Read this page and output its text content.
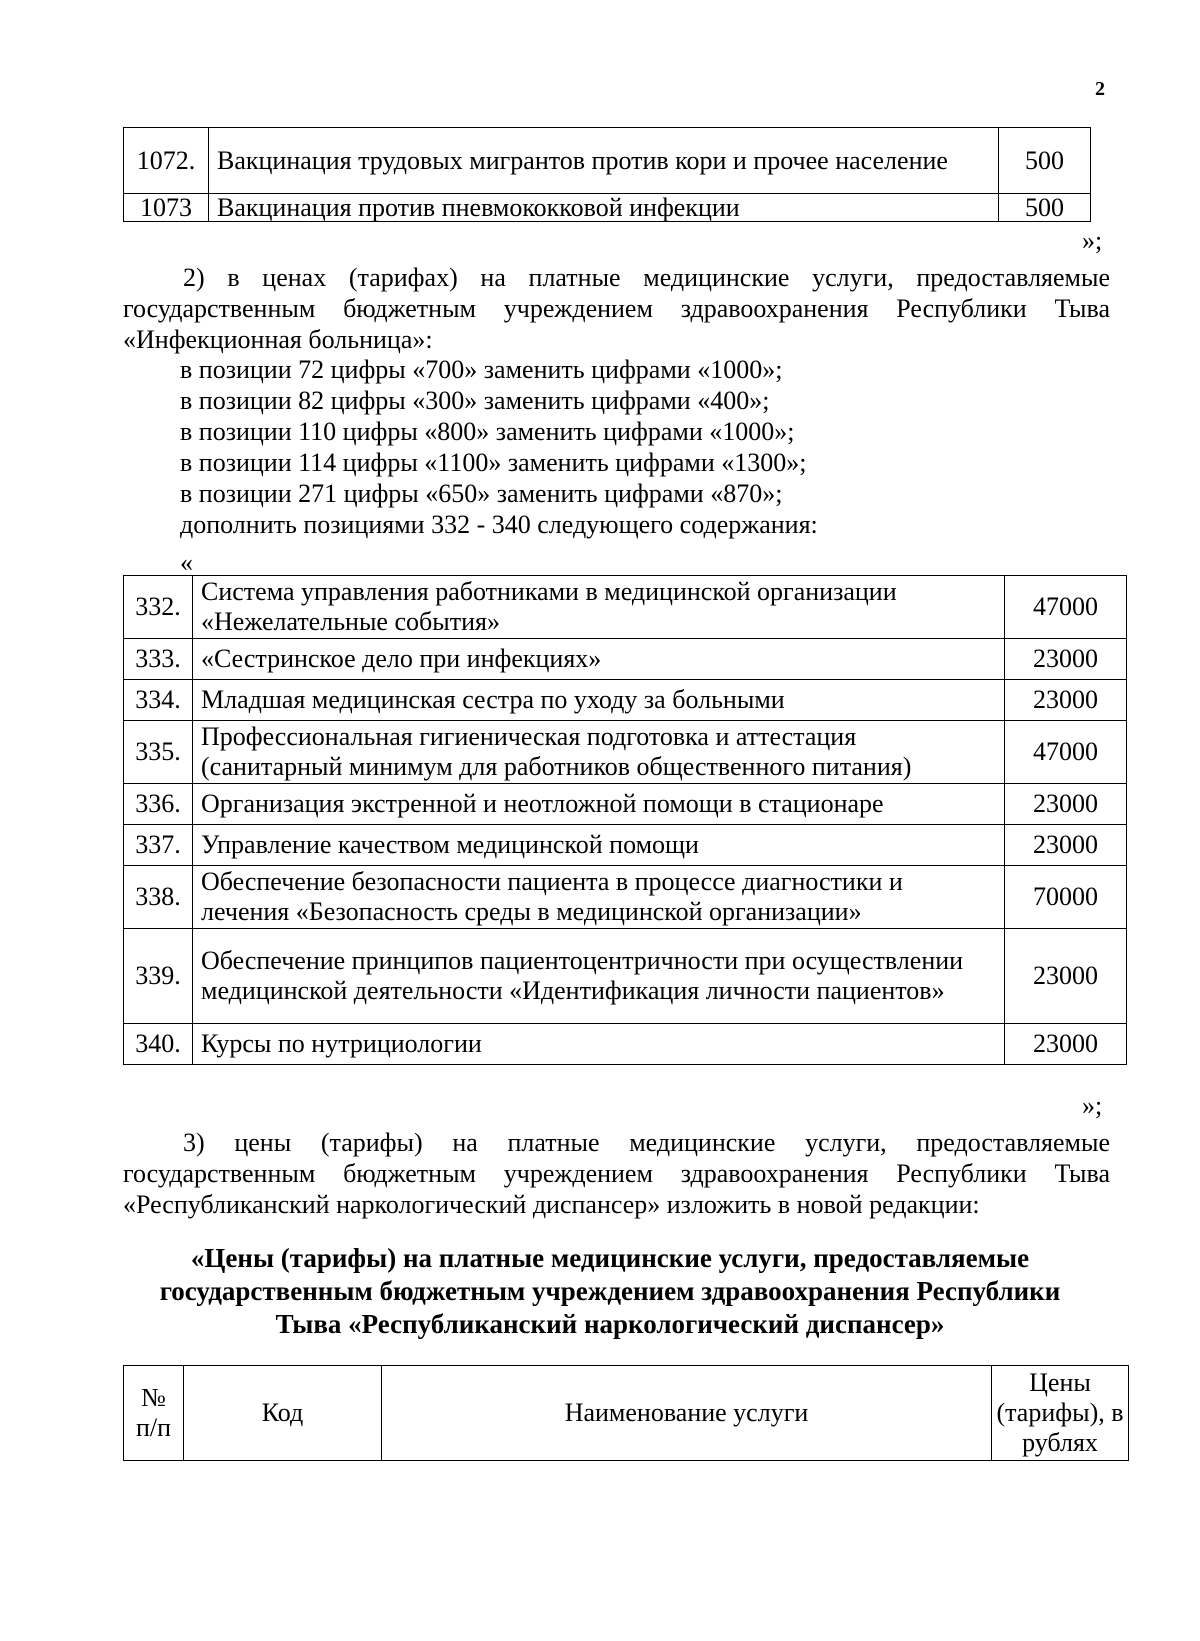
2
1072.	Вакцинация трудовых мигрантов против кори и прочее население	500
1073	Вакцинация против пневмококковой инфекции	500
»;
2) в ценах (тарифах) на платные медицинские услуги, предоставляемые государственным бюджетным учреждением здравоохранения Республики Тыва «Инфекционная больница»:
в позиции 72 цифры «700» заменить цифрами «1000»;
в позиции 82 цифры «300» заменить цифрами «400»;
в позиции 110 цифры «800» заменить цифрами «1000»;
в позиции 114 цифры «1100» заменить цифрами «1300»;
в позиции 271 цифры «650» заменить цифрами «870»;
дополнить позициями 332 - 340 следующего содержания:
«
332.	Система управления работниками в медицинской организации «Нежелательные события»	47000
333.	«Сестринское дело при инфекциях»	23000
334.	Младшая медицинская сестра по уходу за больными	23000
335.	Профессиональная гигиеническая подготовка и аттестация (санитарный минимум для работников общественного питания)	47000
336.	Организация экстренной и неотложной помощи в стационаре	23000
337.	Управление качеством медицинской помощи	23000
338.	Обеспечение безопасности пациента в процессе диагностики и лечения «Безопасность среды в медицинской организации»	70000
339.	Обеспечение принципов пациентоцентричности при осуществлении медицинской деятельности «Идентификация личности пациентов»	23000
340.	Курсы по нутрициологии	23000
»;
3) цены (тарифы) на платные медицинские услуги, предоставляемые государственным бюджетным учреждением здравоохранения Республики Тыва «Республиканский наркологический диспансер» изложить в новой редакции:
«Цены (тарифы) на платные медицинские услуги, предоставляемые государственным бюджетным учреждением здравоохранения Республики Тыва «Республиканский наркологический диспансер»
№ п/п	Код	Наименование услуги	Цены (тарифы), в рублях
